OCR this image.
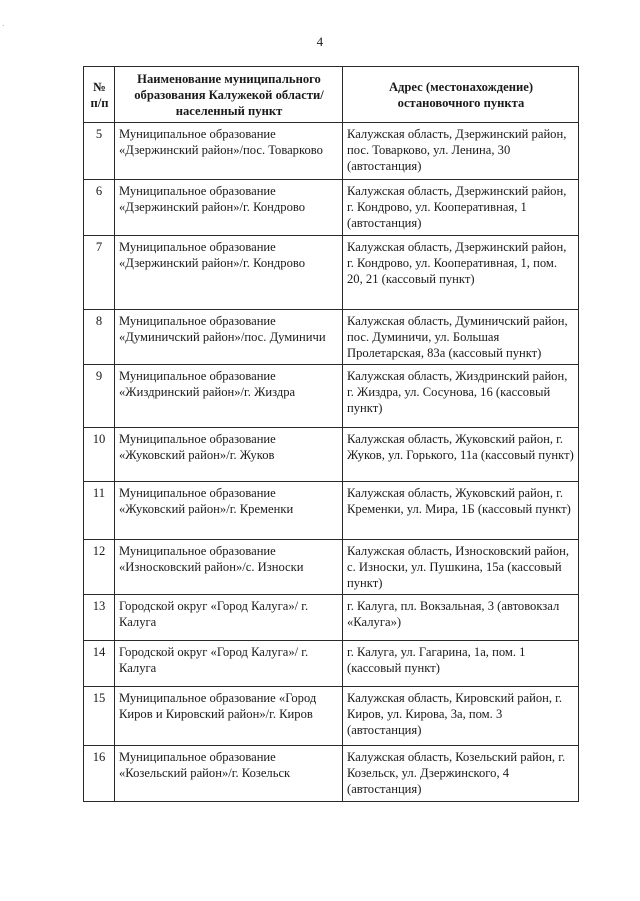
·
4
№ п/п	Наименование муниципального образования Калужекой области/населенный пункт	Адрес (местонахождение) остановочного пункта

5	Муниципальное образование «Дзержинский район»/пос. Товарково	Калужская область, Дзержинский район, пос. Товарково, ул. Ленина, 30 (автостанция)

6	Муниципальное образование «Дзержинский район»/г. Кондрово	Калужская область, Дзержинский район, г. Кондрово, ул. Кооперативная, 1 (автостанция)

7	Муниципальное образование «Дзержинский район»/г. Кондрово	Калужская область, Дзержинский район, г. Кондрово, ул. Кооперативная, 1, пом. 20, 21 (кассовый пункт)

8	Муниципальное образование «Думиничский район»/пос. Думиничи	Калужская область, Думиничский район, пос. Думиничи, ул. Большая Пролетарская, 83а (кассовый пункт)

9	Муниципальное образование «Жиздринский район»/г. Жиздра	Калужская область, Жиздринский район, г. Жиздра, ул. Сосунова, 16 (кассовый пункт)

10	Муниципальное образование «Жуковский район»/г. Жуков	Калужская область, Жуковский район, г. Жуков, ул. Горького, 11а (кассовый пункт)

11	Муниципальное образование «Жуковский район»/г. Кременки	Калужская область, Жуковский район, г. Кременки, ул. Мира, 1Б (кассовый пункт)

12	Муниципальное образование «Износковский район»/с. Износки	Калужская область, Износковский район, с. Износки, ул. Пушкина, 15а (кассовый пункт)

13	Городской округ «Город Калуга»/ г. Калуга	г. Калуга, пл. Вокзальная, 3 (автовокзал «Калуга»)

14	Городской округ «Город Калуга»/ г. Калуга	г. Калуга, ул. Гагарина, 1а, пом. 1 (кассовый пункт)

15	Муниципальное образование «Город Киров и Кировский район»/г. Киров	Калужская область, Кировский район, г. Киров, ул. Кирова, 3а, пом. 3 (автостанция)

16	Муниципальное образование «Козельский район»/г. Козельск	Калужская область, Козельский район, г. Козельск, ул. Дзержинского, 4 (автостанция)
